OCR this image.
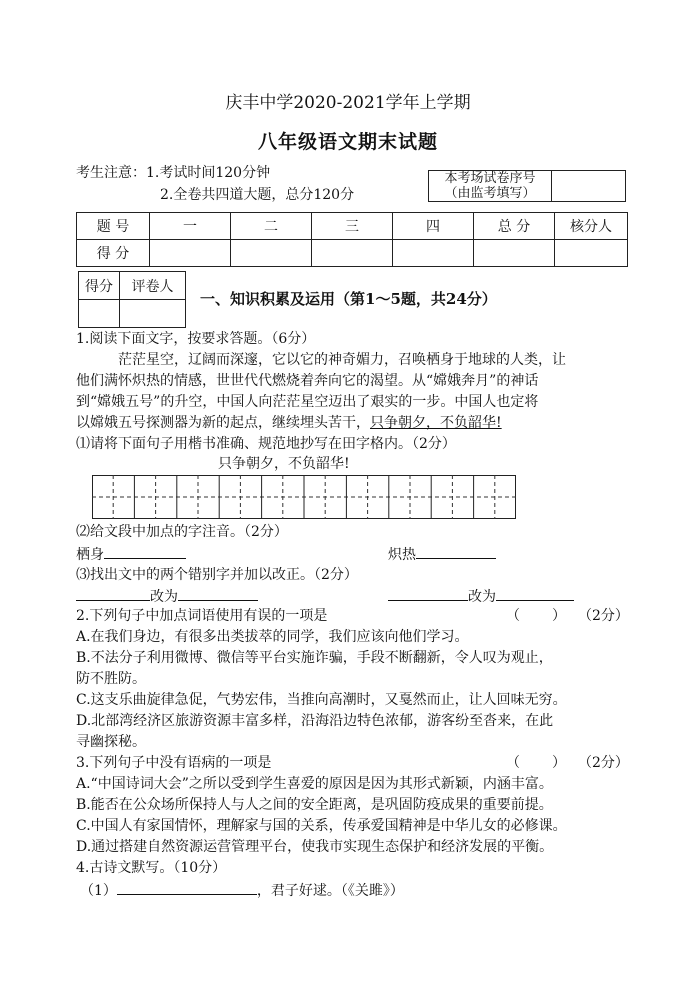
庆丰中学2020-2021学年上学期
八年级语文期末试题
考生注意：1.考试时间120分钟
2.全卷共四道大题，总分120分
本考场试卷序号
（由监考填写）

题 号	一	二	三	四	总 分	核分人
得 分						
得分	评卷人

一、知识积累及运用（第1～5题，共24分）
1.阅读下面文字，按要求答题。（6分）
茫茫星空，辽阔而深邃，它以它的神奇媚力，召唤栖身于地球的人类，让
他们满怀炽热的情感，世世代代燃烧着奔向它的渴望。从“嫦娥奔月”的神话
到“嫦娥五号”的升空，中国人向茫茫星空迈出了艰实的一步。中国人也定将
以嫦娥五号探测器为新的起点，继续埋头苦干，只争朝夕，不负韶华!
⑴请将下面句子用楷书准确、规范地抄写在田字格内。（2分）
只争朝夕，不负韶华!
⑵给文段中加点的字注音。（2分）
栖身	炽热
⑶找出文中的两个错别字并加以改正。（2分）
改为	改为
2.下列句子中加点词语使用有误的一项是	（ ） （2分）
A.在我们身边，有很多出类拔萃的同学，我们应该向他们学习。
B.不法分子利用微博、微信等平台实施诈骗，手段不断翻新，令人叹为观止，
防不胜防。
C.这支乐曲旋律急促，气势宏伟，当推向高潮时，又戛然而止，让人回味无穷。
D.北部湾经济区旅游资源丰富多样，沿海沿边特色浓郁，游客纷至沓来，在此
寻幽探秘。
3.下列句子中没有语病的一项是	（ ） （2分）
A.“中国诗词大会”之所以受到学生喜爱的原因是因为其形式新颖，内涵丰富。
B.能否在公众场所保持人与人之间的安全距离，是巩固防疫成果的重要前提。
C.中国人有家国情怀，理解家与国的关系，传承爱国精神是中华儿女的必修课。
D.通过搭建自然资源运营管理平台，使我市实现生态保护和经济发展的平衡。
4.古诗文默写。（10分）
（1）	，君子好逑。（《关雎》）
